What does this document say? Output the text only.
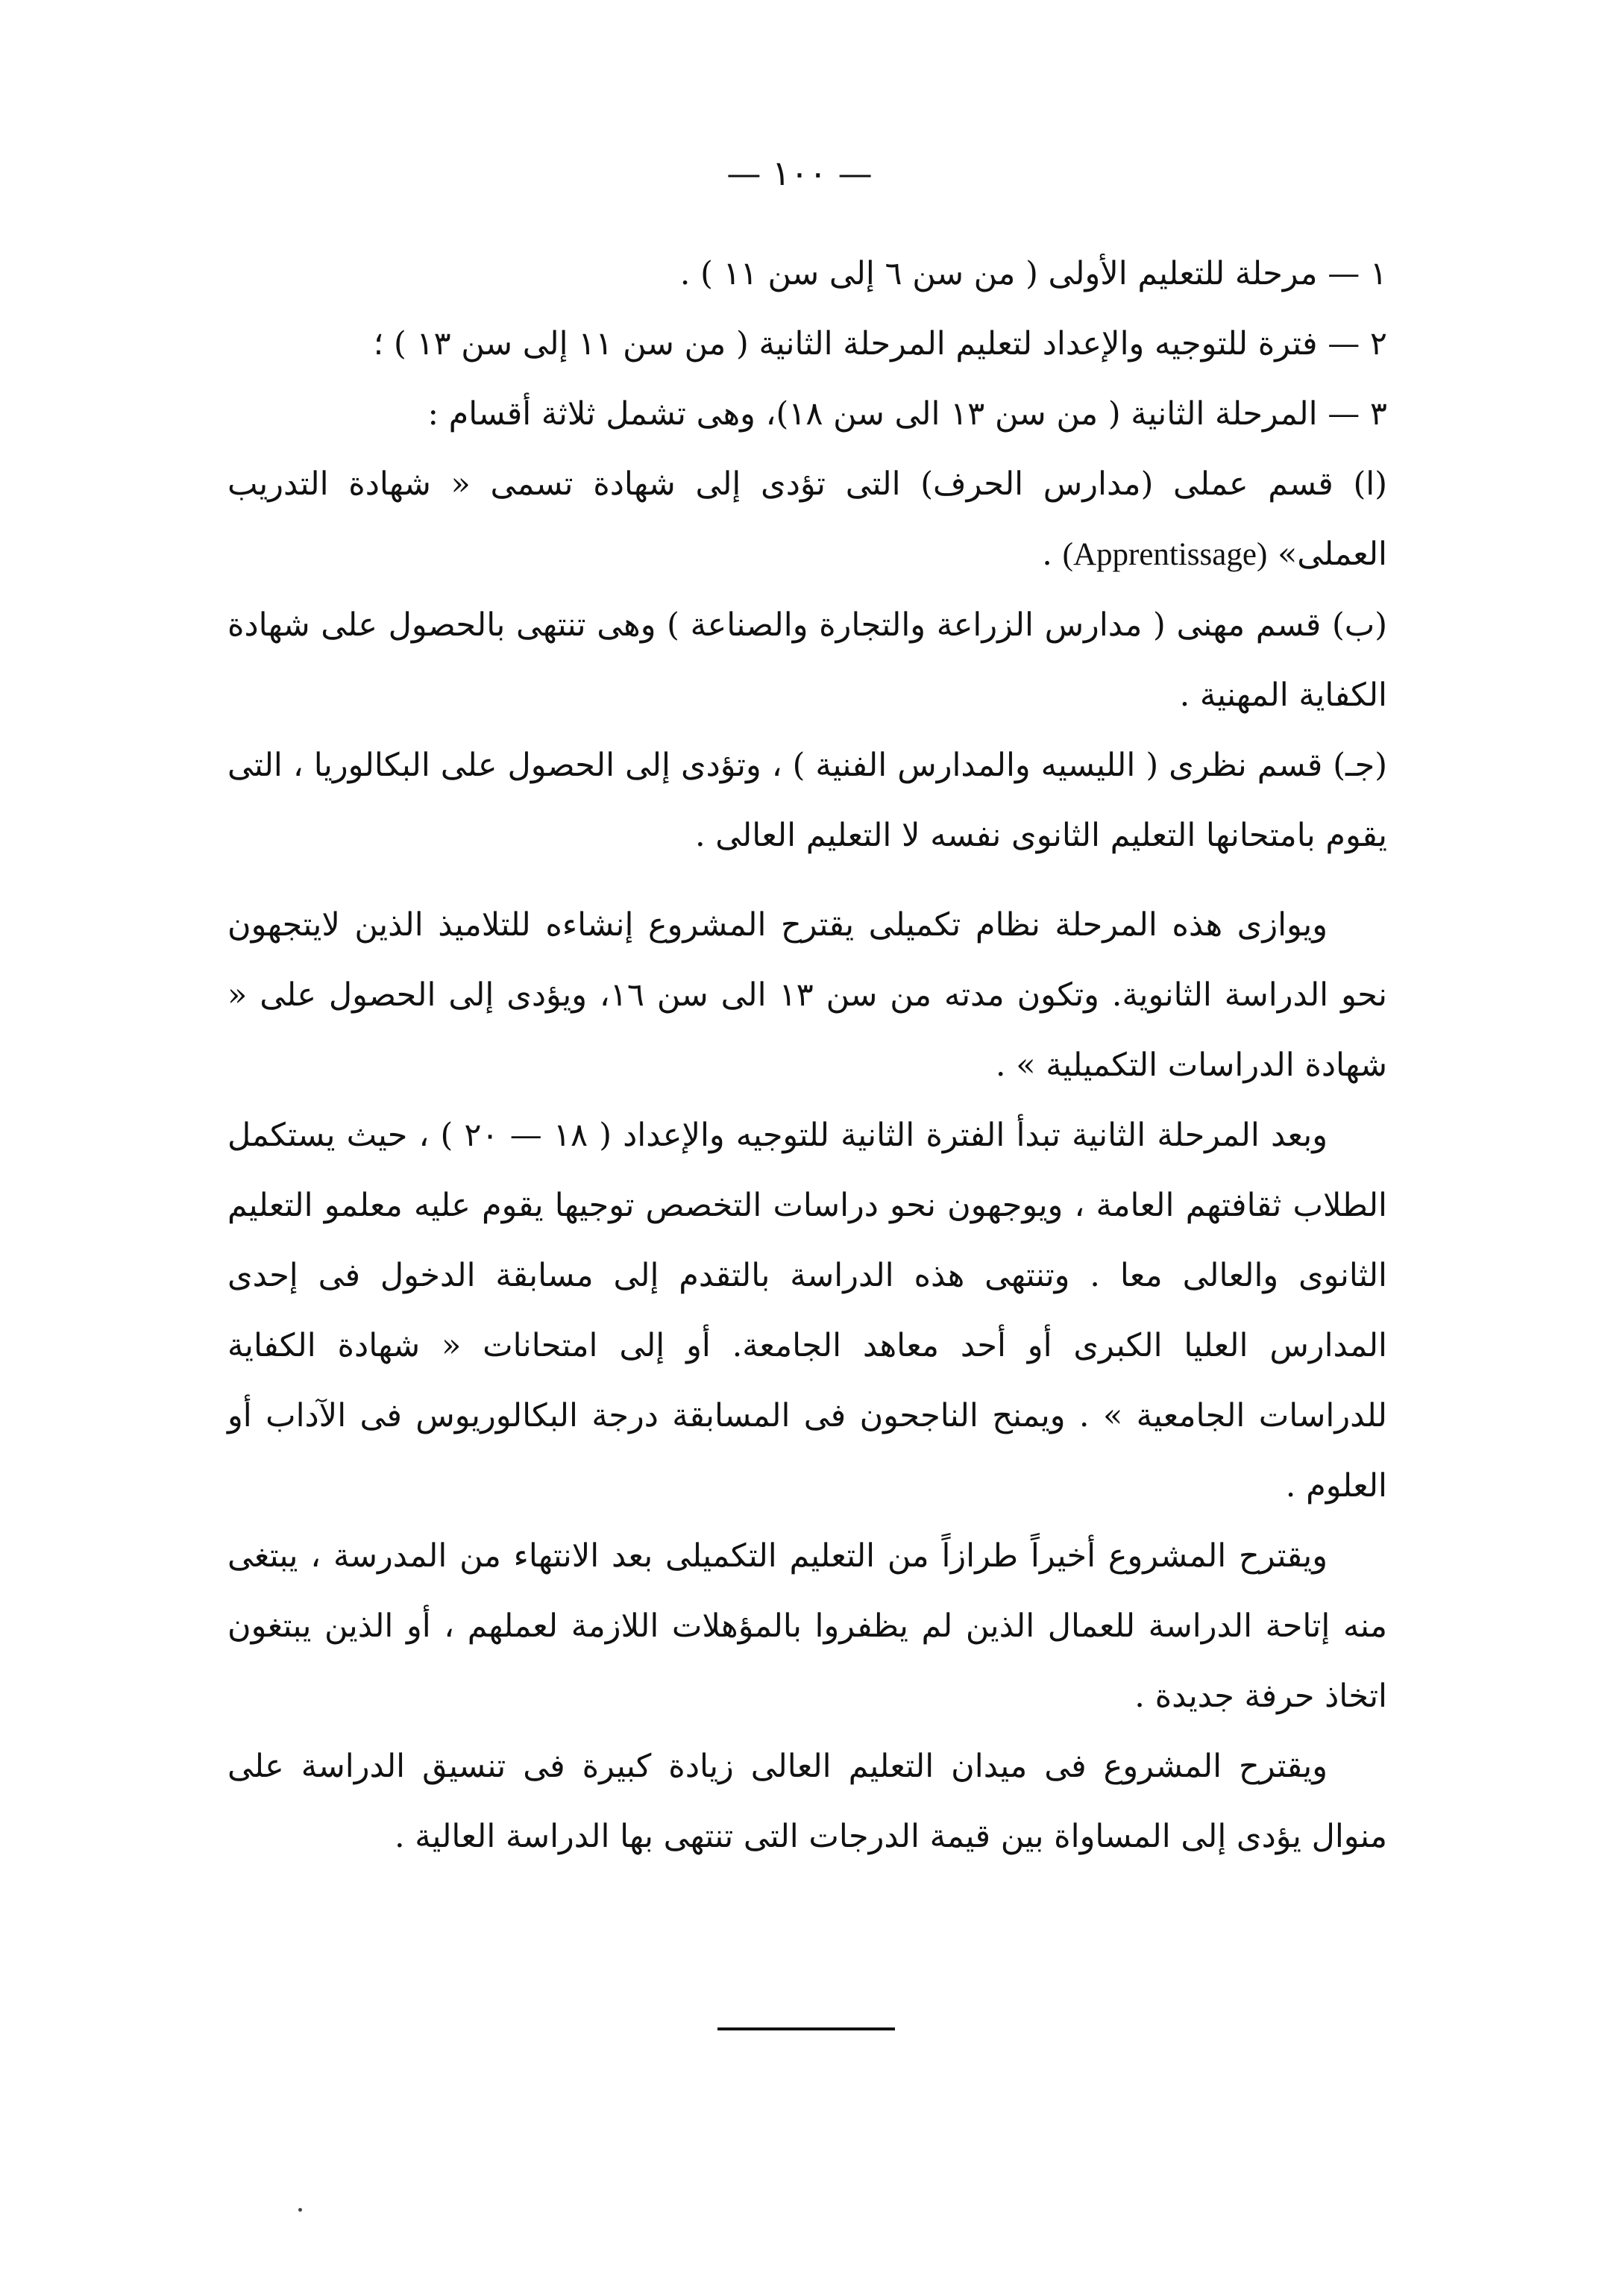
— ١٠٠ —

١ — مرحلة للتعليم الأولى ( من سن ٦ إلى سن ١١ ) .

٢ — فترة للتوجيه والإعداد لتعليم المرحلة الثانية ( من سن ١١ إلى سن ١٣ ) ؛

٣ — المرحلة الثانية ( من سن ١٣ الى سن ١٨)، وهى تشمل ثلاثة أقسام :

(ا) قسم عملى (مدارس الحرف) التى تؤدى إلى شهادة تسمى « شهادة التدريب العملى» (Apprentissage) .

(ب) قسم مهنى ( مدارس الزراعة والتجارة والصناعة ) وهى تنتهى بالحصول على شهادة الكفاية المهنية .

(جـ) قسم نظرى ( الليسيه والمدارس الفنية ) ، وتؤدى إلى الحصول على البكالوريا ، التى يقوم بامتحانها التعليم الثانوى نفسه لا التعليم العالى .

ويوازى هذه المرحلة نظام تكميلى يقترح المشروع إنشاءه للتلاميذ الذين لايتجهون نحو الدراسة الثانوية. وتكون مدته من سن ١٣ الى سن ١٦، ويؤدى إلى الحصول على « شهادة الدراسات التكميلية » .

وبعد المرحلة الثانية تبدأ الفترة الثانية للتوجيه والإعداد ( ١٨ — ٢٠ ) ، حيث يستكمل الطلاب ثقافتهم العامة ، ويوجهون نحو دراسات التخصص توجيها يقوم عليه معلمو التعليم الثانوى والعالى معا . وتنتهى هذه الدراسة بالتقدم إلى مسابقة الدخول فى إحدى المدارس العليا الكبرى أو أحد معاهد الجامعة. أو إلى امتحانات « شهادة الكفاية للدراسات الجامعية » . ويمنح الناجحون فى المسابقة درجة البكالوريوس فى الآداب أو العلوم .

ويقترح المشروع أخيراً طرازاً من التعليم التكميلى بعد الانتهاء من المدرسة ، يبتغى منه إتاحة الدراسة للعمال الذين لم يظفروا بالمؤهلات اللازمة لعملهم ، أو الذين يبتغون اتخاذ حرفة جديدة .

ويقترح المشروع فى ميدان التعليم العالى زيادة كبيرة فى تنسيق الدراسة على منوال يؤدى إلى المساواة بين قيمة الدرجات التى تنتهى بها الدراسة العالية .
